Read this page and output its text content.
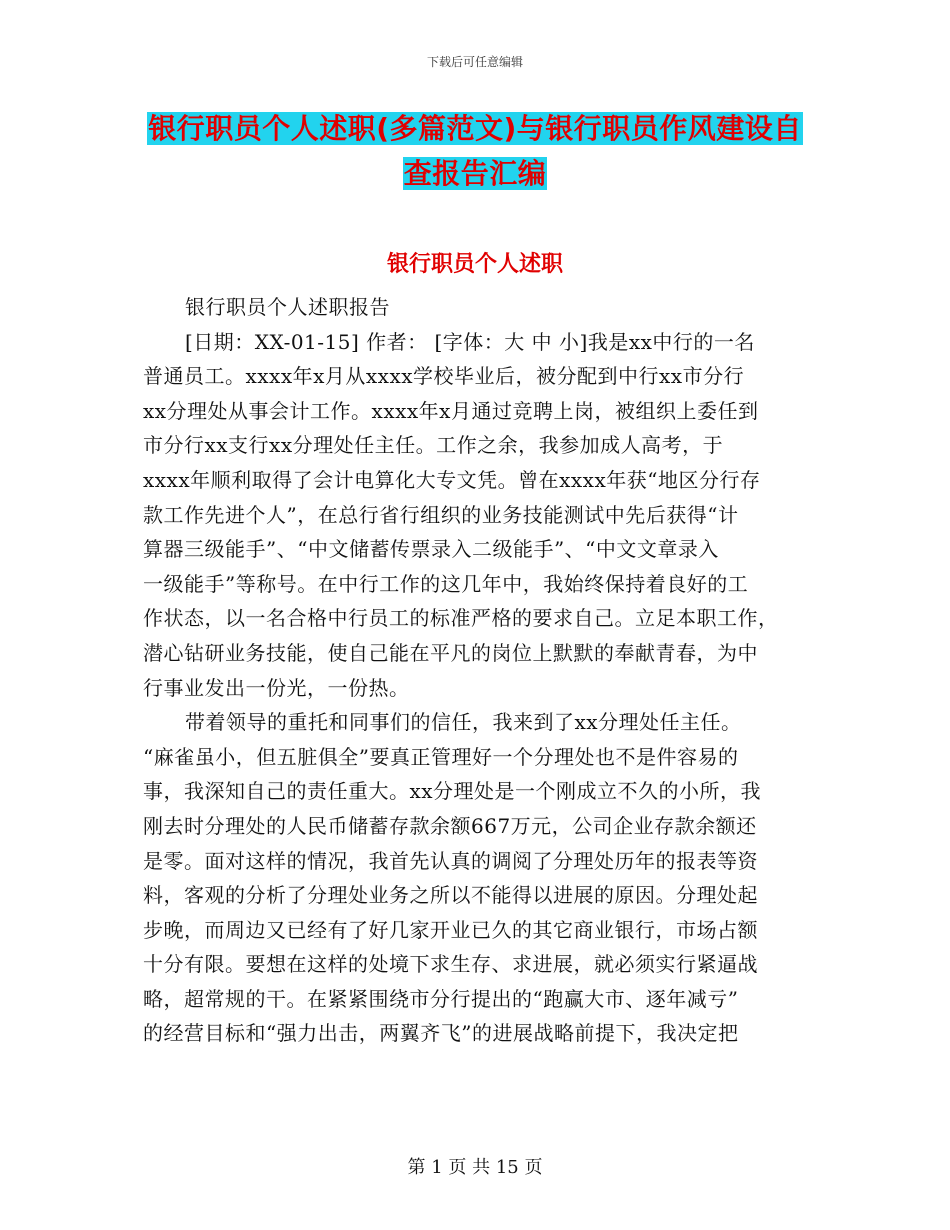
下载后可任意编辑
银行职员个人述职(多篇范文)与银行职员作风建设自
查报告汇编
银行职员个人述职
银行职员个人述职报告
[日期：XX-01-15] 作者： [字体：大 中 小]我是xx中行的一名
普通员工。xxxx年x月从xxxx学校毕业后，被分配到中行xx市分行
xx分理处从事会计工作。xxxx年x月通过竞聘上岗，被组织上委任到
市分行xx支行xx分理处任主任。工作之余，我参加成人高考，于
xxxx年顺利取得了会计电算化大专文凭。曾在xxxx年获“地区分行存
款工作先进个人”，在总行省行组织的业务技能测试中先后获得“计
算器三级能手”、“中文储蓄传票录入二级能手”、“中文文章录入
一级能手”等称号。在中行工作的这几年中，我始终保持着良好的工
作状态，以一名合格中行员工的标准严格的要求自己。立足本职工作，
潜心钻研业务技能，使自己能在平凡的岗位上默默的奉献青春，为中
行事业发出一份光，一份热。
带着领导的重托和同事们的信任，我来到了xx分理处任主任。
“麻雀虽小，但五脏俱全”要真正管理好一个分理处也不是件容易的
事，我深知自己的责任重大。xx分理处是一个刚成立不久的小所，我
刚去时分理处的人民币储蓄存款余额667万元，公司企业存款余额还
是零。面对这样的情况，我首先认真的调阅了分理处历年的报表等资
料，客观的分析了分理处业务之所以不能得以进展的原因。分理处起
步晚，而周边又已经有了好几家开业已久的其它商业银行，市场占额
十分有限。要想在这样的处境下求生存、求进展，就必须实行紧逼战
略，超常规的干。在紧紧围绕市分行提出的“跑赢大市、逐年减亏”
的经营目标和“强力出击，两翼齐飞”的进展战略前提下，我决定把
第 1 页 共 15 页
